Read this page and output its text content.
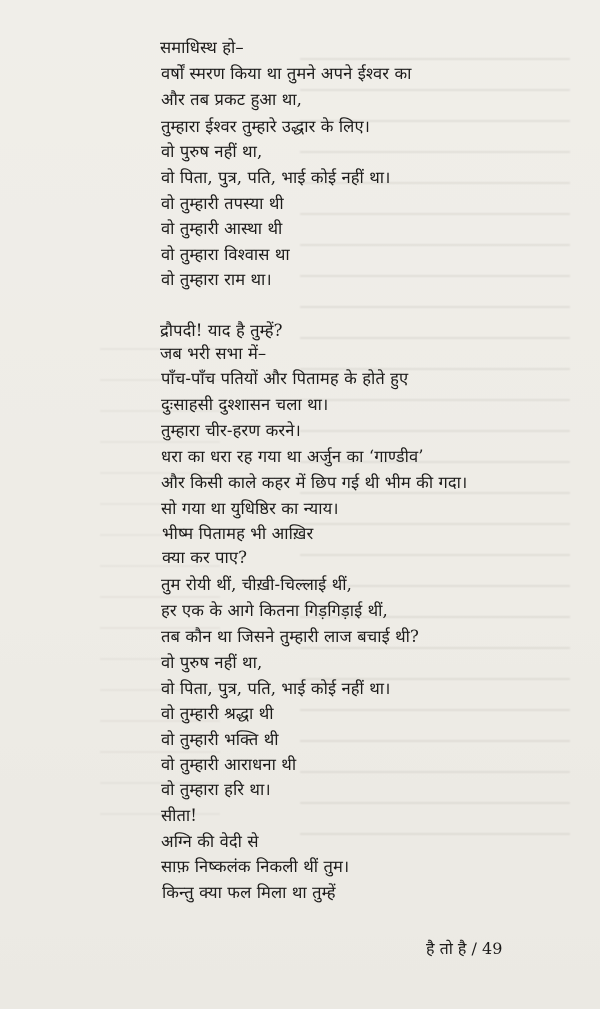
समाधिस्थ हो–
वर्षों स्मरण किया था तुमने अपने ईश्वर का
और तब प्रकट हुआ था,
तुम्हारा ईश्वर तुम्हारे उद्धार के लिए।
वो पुरुष नहीं था,
वो पिता, पुत्र, पति, भाई कोई नहीं था।
वो तुम्हारी तपस्या थी
वो तुम्हारी आस्था थी
वो तुम्हारा विश्वास था
वो तुम्हारा राम था।
द्रौपदी! याद है तुम्हें?
जब भरी सभा में–
पाँच-पाँच पतियों और पितामह के होते हुए
दुःसाहसी दुश्शासन चला था।
तुम्हारा चीर-हरण करने।
धरा का धरा रह गया था अर्जुन का ‘गाण्डीव’
और किसी काले कहर में छिप गई थी भीम की गदा।
सो गया था युधिष्ठिर का न्याय।
भीष्म पितामह भी आख़िर
क्या कर पाए?
तुम रोयी थीं, चीख़ी-चिल्लाई थीं,
हर एक के आगे कितना गिड़गिड़ाई थीं,
तब कौन था जिसने तुम्हारी लाज बचाई थी?
वो पुरुष नहीं था,
वो पिता, पुत्र, पति, भाई कोई नहीं था।
वो तुम्हारी श्रद्धा थी
वो तुम्हारी भक्ति थी
वो तुम्हारी आराधना थी
वो तुम्हारा हरि था।
सीता!
अग्नि की वेदी से
साफ़ निष्कलंक निकली थीं तुम।
किन्तु क्या फल मिला था तुम्हें
है तो है / 49
